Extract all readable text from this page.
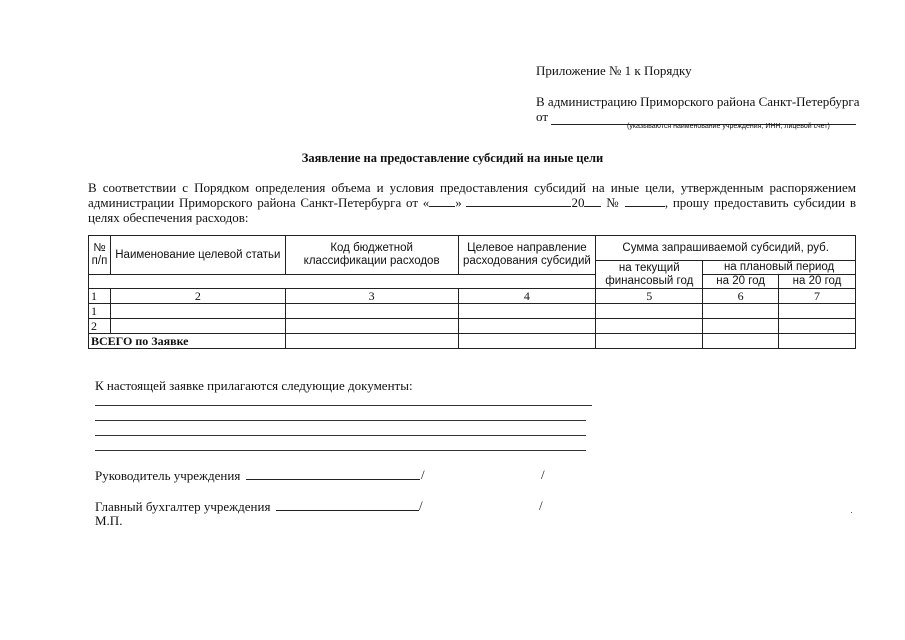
Приложение № 1 к Порядку
В администрацию Приморского района Санкт-Петербурга
от
(указываются наименование учреждения, ИНН, лицевой счет)
Заявление на предоставление субсидий на иные цели
В соответствии с Порядком определения объема и условия предоставления субсидий на иные цели, утвержденным распоряжением администрации Приморского района Санкт-Петербурга от « »	20 №	, прошу предоставить субсидии в целях обеспечения расходов:
№ п/п	Наименование целевой статьи	Код бюджетной классификации расходов	Целевое направление расходования субсидий	Сумма запрашиваемой субсидий, руб.		
				на текущий финансовый год	на плановый период	
					на 20 год	на 20 год
1	2	3	4	5	6	7
1						
2						
ВСЕГО по Заявке						
К настоящей заявке прилагаются следующие документы:
Руководитель учреждения	/	/
Главный бухгалтер учреждения	/	/
М.П.
